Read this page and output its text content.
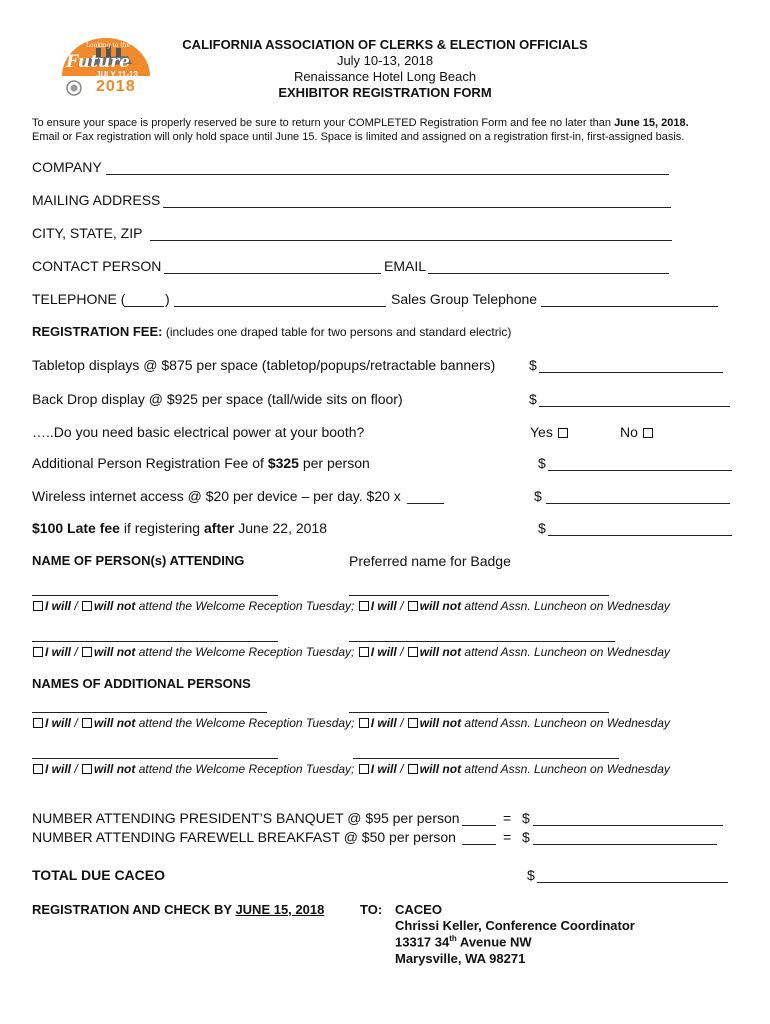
Looking to the
Future
JULY 11-13
2018
CALIFORNIA ASSOCIATION OF CLERKS & ELECTION OFFICIALS
July 10-13, 2018
Renaissance Hotel Long Beach
EXHIBITOR REGISTRATION FORM
To ensure your space is properly reserved be sure to return your COMPLETED Registration Form and fee no later than June 15, 2018.
Email or Fax registration will only hold space until June 15. Space is limited and assigned on a registration first-in, first-assigned basis.
COMPANY
MAILING ADDRESS
CITY, STATE, ZIP
CONTACT PERSON	EMAIL
TELEPHONE (	)	Sales Group Telephone
REGISTRATION FEE: (includes one draped table for two persons and standard electric)
Tabletop displays @ $875 per space (tabletop/popups/retractable banners) $
Back Drop display @ $925 per space (tall/wide sits on floor)	$
…..Do you need basic electrical power at your booth?	Yes	No
Additional Person Registration Fee of $325 per person	$
Wireless internet access @ $20 per device – per day. $20 x	$
$100 Late fee if registering after June 22, 2018	$
NAME OF PERSON(s) ATTENDING	Preferred name for Badge
I will / will not attend the Welcome Reception Tuesday; I will / will not attend Assn. Luncheon on Wednesday
I will / will not attend the Welcome Reception Tuesday; I will / will not attend Assn. Luncheon on Wednesday
NAMES OF ADDITIONAL PERSONS
I will / will not attend the Welcome Reception Tuesday; I will / will not attend Assn. Luncheon on Wednesday
I will / will not attend the Welcome Reception Tuesday; I will / will not attend Assn. Luncheon on Wednesday
NUMBER ATTENDING PRESIDENT’S BANQUET @ $95 per person	= $
NUMBER ATTENDING FAREWELL BREAKFAST @ $50 per person	= $
TOTAL DUE CACEO	$
REGISTRATION AND CHECK BY JUNE 15, 2018	TO: CACEO
Chrissi Keller, Conference Coordinator
13317 34th Avenue NW
Marysville, WA 98271
